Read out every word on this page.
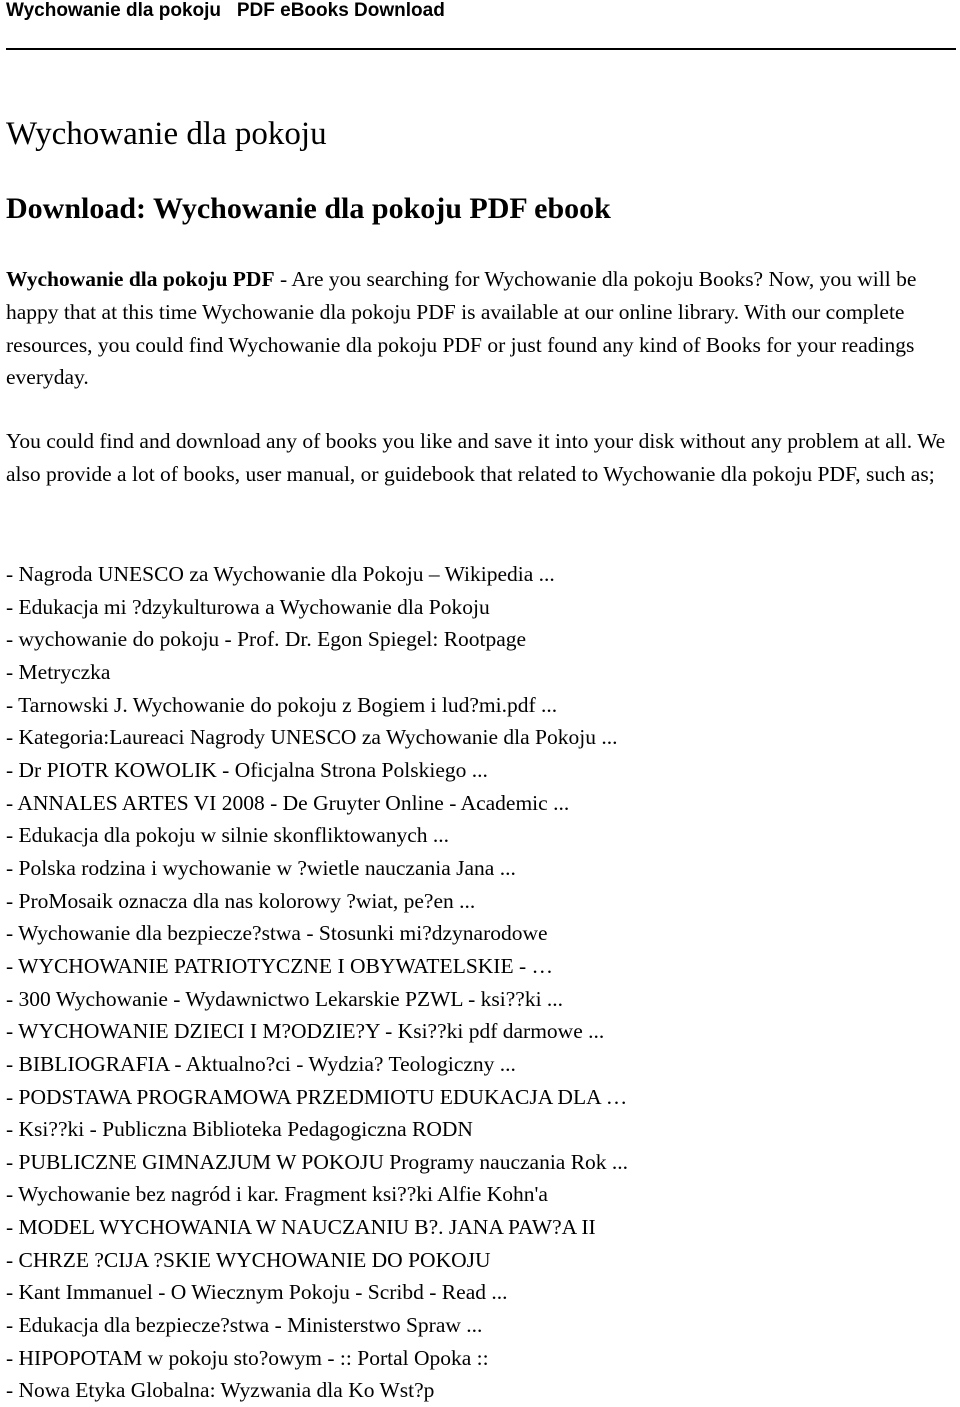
Wychowanie dla pokoju   PDF eBooks Download
Wychowanie dla pokoju
Download: Wychowanie dla pokoju PDF ebook

Wychowanie dla pokoju PDF - Are you searching for Wychowanie dla pokoju Books? Now, you will be happy that at this time Wychowanie dla pokoju PDF is available at our online library. With our complete resources, you could find Wychowanie dla pokoju PDF or just found any kind of Books for your readings everyday.

You could find and download any of books you like and save it into your disk without any problem at all. We also provide a lot of books, user manual, or guidebook that related to Wychowanie dla pokoju PDF, such as;

- Nagroda UNESCO za Wychowanie dla Pokoju – Wikipedia ...
- Edukacja mi ?dzykulturowa a Wychowanie dla Pokoju
- wychowanie do pokoju - Prof. Dr. Egon Spiegel: Rootpage
- Metryczka
- Tarnowski J. Wychowanie do pokoju z Bogiem i lud?mi.pdf ...
- Kategoria:Laureaci Nagrody UNESCO za Wychowanie dla Pokoju ...
- Dr PIOTR KOWOLIK - Oficjalna Strona Polskiego ...
- ANNALES ARTES VI 2008 - De Gruyter Online - Academic ...
- Edukacja dla pokoju w silnie skonfliktowanych ...
- Polska rodzina i wychowanie w ?wietle nauczania Jana ...
- ProMosaik oznacza dla nas kolorowy ?wiat, pe?en ...
- Wychowanie dla bezpiecze?stwa - Stosunki mi?dzynarodowe
- WYCHOWANIE PATRIOTYCZNE I OBYWATELSKIE - …
- 300 Wychowanie - Wydawnictwo Lekarskie PZWL - ksi??ki ...
- WYCHOWANIE DZIECI I M?ODZIE?Y - Ksi??ki pdf darmowe ...
- BIBLIOGRAFIA - Aktualno?ci - Wydzia? Teologiczny ...
- PODSTAWA PROGRAMOWA PRZEDMIOTU EDUKACJA DLA …
- Ksi??ki - Publiczna Biblioteka Pedagogiczna RODN
- PUBLICZNE GIMNAZJUM W POKOJU Programy nauczania Rok ...
- Wychowanie bez nagród i kar. Fragment ksi??ki Alfie Kohn'a
- MODEL WYCHOWANIA W NAUCZANIU B?. JANA PAW?A II
- CHRZE ?CIJA ?SKIE WYCHOWANIE DO POKOJU
- Kant Immanuel - O Wiecznym Pokoju - Scribd - Read ...
- Edukacja dla bezpiecze?stwa - Ministerstwo Spraw ...
- HIPOPOTAM w pokoju sto?owym - :: Portal Opoka ::
- Nowa Etyka Globalna: Wyzwania dla Ko Wst?p
